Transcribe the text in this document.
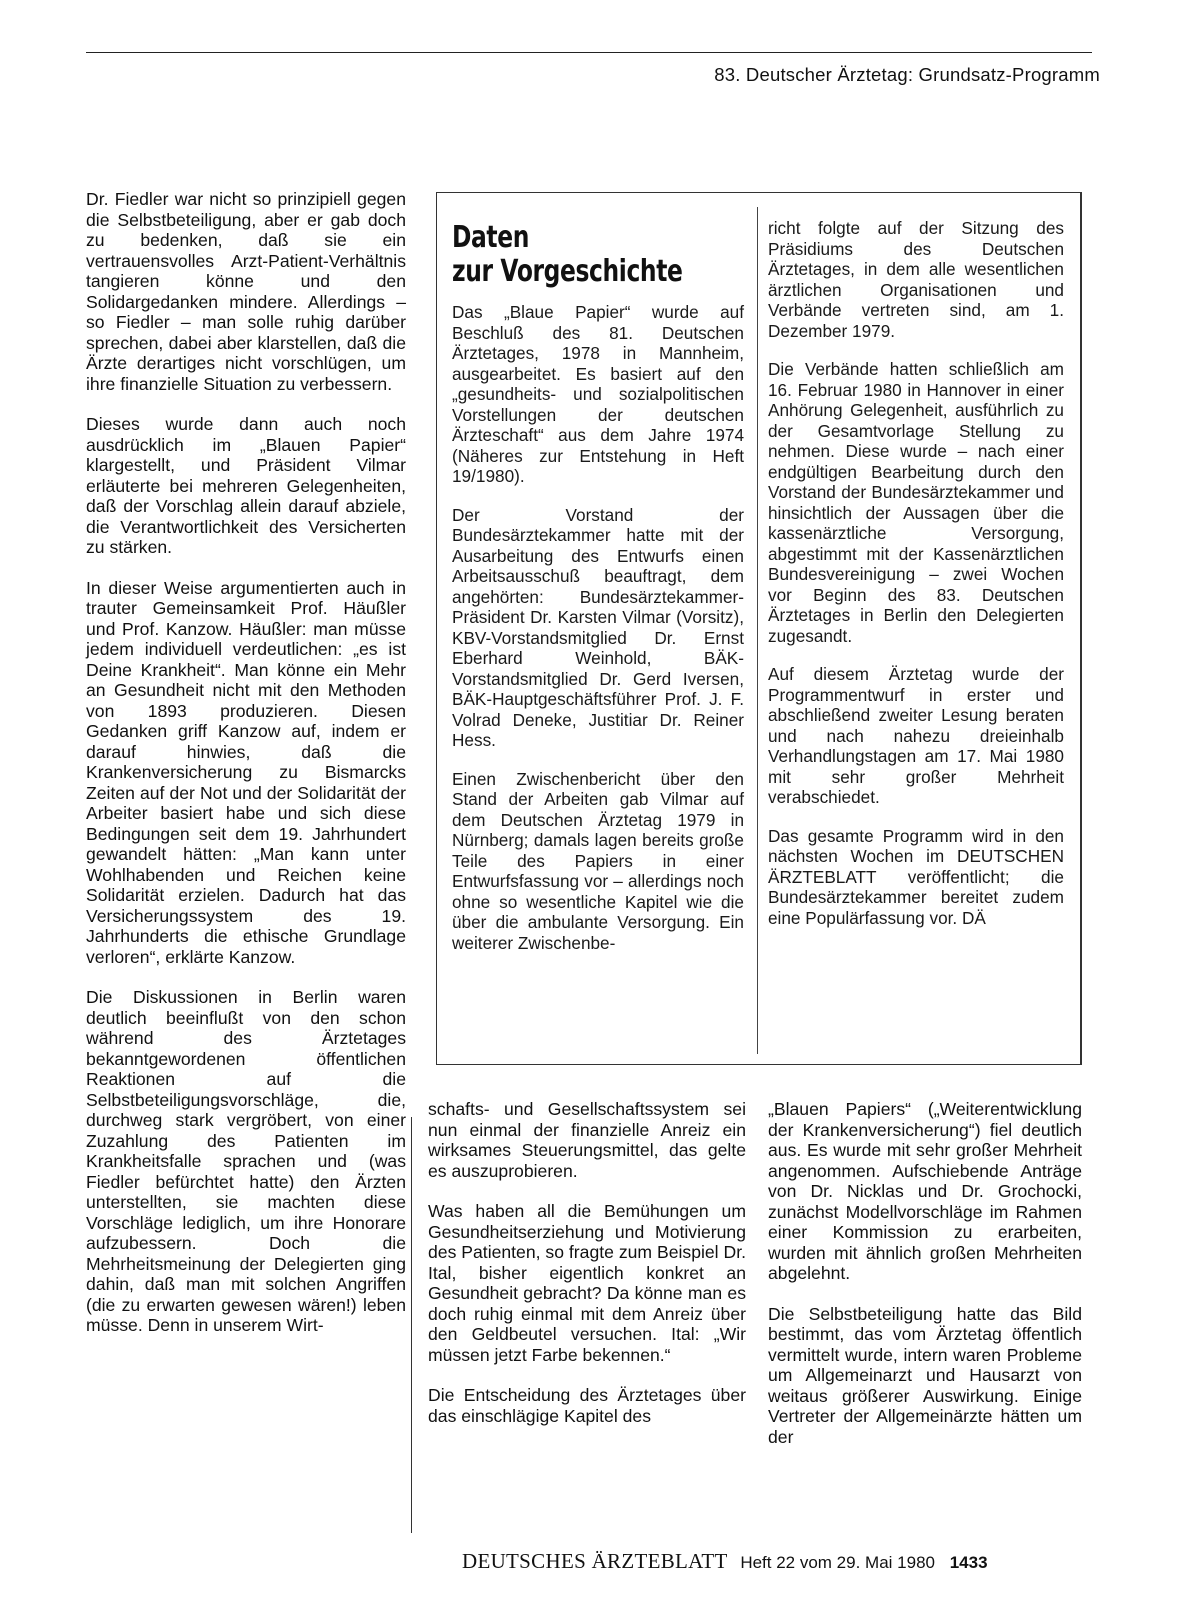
83. Deutscher Ärztetag: Grundsatz-Programm

Dr. Fiedler war nicht so prinzipiell gegen die Selbstbeteiligung, aber er gab doch zu bedenken, daß sie ein vertrauensvolles Arzt-Patient-Verhältnis tangieren könne und den Solidargedanken mindere. Allerdings – so Fiedler – man solle ruhig darüber sprechen, dabei aber klarstellen, daß die Ärzte derartiges nicht vorschlügen, um ihre finanzielle Situation zu verbessern.

Dieses wurde dann auch noch ausdrücklich im „Blauen Papier“ klargestellt, und Präsident Vilmar erläuterte bei mehreren Gelegenheiten, daß der Vorschlag allein darauf abziele, die Verantwortlichkeit des Versicherten zu stärken.

In dieser Weise argumentierten auch in trauter Gemeinsamkeit Prof. Häußler und Prof. Kanzow. Häußler: man müsse jedem individuell verdeutlichen: „es ist Deine Krankheit“. Man könne ein Mehr an Gesundheit nicht mit den Methoden von 1893 produzieren. Diesen Gedanken griff Kanzow auf, indem er darauf hinwies, daß die Krankenversicherung zu Bismarcks Zeiten auf der Not und der Solidarität der Arbeiter basiert habe und sich diese Bedingungen seit dem 19. Jahrhundert gewandelt hätten: „Man kann unter Wohlhabenden und Reichen keine Solidarität erzielen. Dadurch hat das Versicherungssystem des 19. Jahrhunderts die ethische Grundlage verloren“, erklärte Kanzow.

Die Diskussionen in Berlin waren deutlich beeinflußt von den schon während des Ärztetages bekanntgewordenen öffentlichen Reaktionen auf die Selbstbeteiligungsvorschläge, die, durchweg stark vergröbert, von einer Zuzahlung des Patienten im Krankheitsfalle sprachen und (was Fiedler befürchtet hatte) den Ärzten unterstellten, sie machten diese Vorschläge lediglich, um ihre Honorare aufzubessern. Doch die Mehrheitsmeinung der Delegierten ging dahin, daß man mit solchen Angriffen (die zu erwarten gewesen wären!) leben müsse. Denn in unserem Wirt-

Daten
zur Vorgeschichte

Das „Blaue Papier“ wurde auf Beschluß des 81. Deutschen Ärztetages, 1978 in Mannheim, ausgearbeitet. Es basiert auf den „gesundheits- und sozialpolitischen Vorstellungen der deutschen Ärzteschaft“ aus dem Jahre 1974 (Näheres zur Entstehung in Heft 19/1980).

Der Vorstand der Bundesärztekammer hatte mit der Ausarbeitung des Entwurfs einen Arbeitsausschuß beauftragt, dem angehörten: Bundesärztekammer-Präsident Dr. Karsten Vilmar (Vorsitz), KBV-Vorstandsmitglied Dr. Ernst Eberhard Weinhold, BÄK-Vorstandsmitglied Dr. Gerd Iversen, BÄK-Hauptgeschäftsführer Prof. J. F. Volrad Deneke, Justitiar Dr. Reiner Hess.

Einen Zwischenbericht über den Stand der Arbeiten gab Vilmar auf dem Deutschen Ärztetag 1979 in Nürnberg; damals lagen bereits große Teile des Papiers in einer Entwurfsfassung vor – allerdings noch ohne so wesentliche Kapitel wie die über die ambulante Versorgung. Ein weiterer Zwischenbe-

richt folgte auf der Sitzung des Präsidiums des Deutschen Ärztetages, in dem alle wesentlichen ärztlichen Organisationen und Verbände vertreten sind, am 1. Dezember 1979.

Die Verbände hatten schließlich am 16. Februar 1980 in Hannover in einer Anhörung Gelegenheit, ausführlich zu der Gesamtvorlage Stellung zu nehmen. Diese wurde – nach einer endgültigen Bearbeitung durch den Vorstand der Bundesärztekammer und hinsichtlich der Aussagen über die kassenärztliche Versorgung, abgestimmt mit der Kassenärztlichen Bundesvereinigung – zwei Wochen vor Beginn des 83. Deutschen Ärztetages in Berlin den Delegierten zugesandt.

Auf diesem Ärztetag wurde der Programmentwurf in erster und abschließend zweiter Lesung beraten und nach nahezu dreieinhalb Verhandlungstagen am 17. Mai 1980 mit sehr großer Mehrheit verabschiedet.

Das gesamte Programm wird in den nächsten Wochen im DEUTSCHEN ÄRZTEBLATT veröffentlicht; die Bundesärztekammer bereitet zudem eine Populärfassung vor. DÄ

schafts- und Gesellschaftssystem sei nun einmal der finanzielle Anreiz ein wirksames Steuerungsmittel, das gelte es auszuprobieren.

Was haben all die Bemühungen um Gesundheitserziehung und Motivierung des Patienten, so fragte zum Beispiel Dr. Ital, bisher eigentlich konkret an Gesundheit gebracht? Da könne man es doch ruhig einmal mit dem Anreiz über den Geldbeutel versuchen. Ital: „Wir müssen jetzt Farbe bekennen.“

Die Entscheidung des Ärztetages über das einschlägige Kapitel des

„Blauen Papiers“ („Weiterentwicklung der Krankenversicherung“) fiel deutlich aus. Es wurde mit sehr großer Mehrheit angenommen. Aufschiebende Anträge von Dr. Nicklas und Dr. Grochocki, zunächst Modellvorschläge im Rahmen einer Kommission zu erarbeiten, wurden mit ähnlich großen Mehrheiten abgelehnt.

Die Selbstbeteiligung hatte das Bild bestimmt, das vom Ärztetag öffentlich vermittelt wurde, intern waren Probleme um Allgemeinarzt und Hausarzt von weitaus größerer Auswirkung. Einige Vertreter der Allgemeinärzte hätten um der

DEUTSCHES ÄRZTEBLATT Heft 22 vom 29. Mai 1980 1433
